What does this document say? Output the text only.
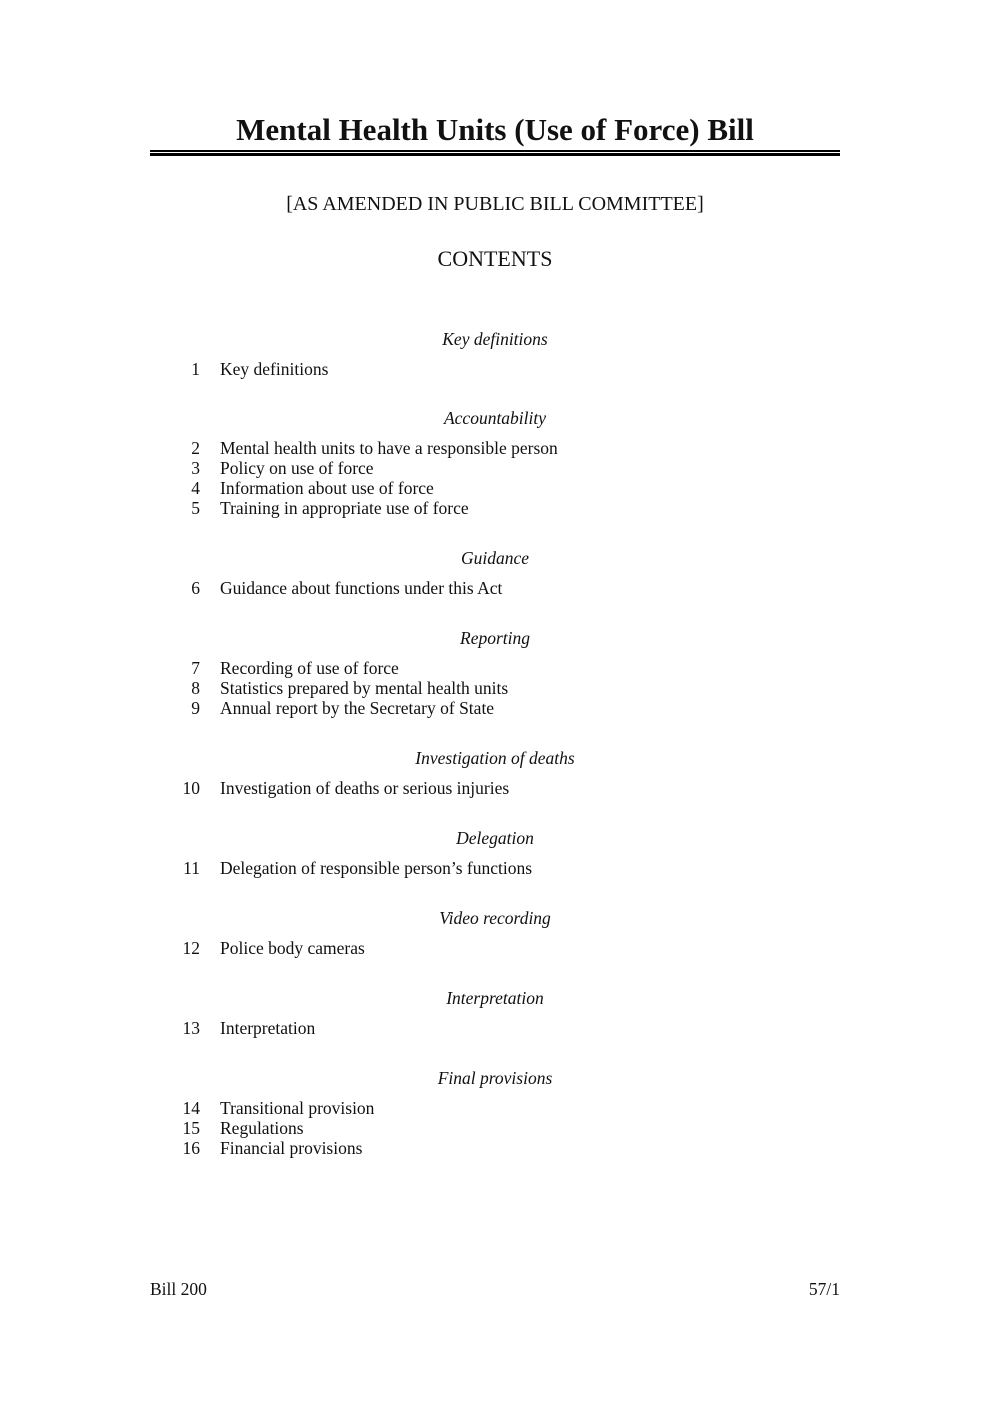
Mental Health Units (Use of Force) Bill
[AS AMENDED IN PUBLIC BILL COMMITTEE]
CONTENTS
Key definitions
1 Key definitions
Accountability
2 Mental health units to have a responsible person
3 Policy on use of force
4 Information about use of force
5 Training in appropriate use of force
Guidance
6 Guidance about functions under this Act
Reporting
7 Recording of use of force
8 Statistics prepared by mental health units
9 Annual report by the Secretary of State
Investigation of deaths
10 Investigation of deaths or serious injuries
Delegation
11 Delegation of responsible person’s functions
Video recording
12 Police body cameras
Interpretation
13 Interpretation
Final provisions
14 Transitional provision
15 Regulations
16 Financial provisions
Bill 200	57/1
